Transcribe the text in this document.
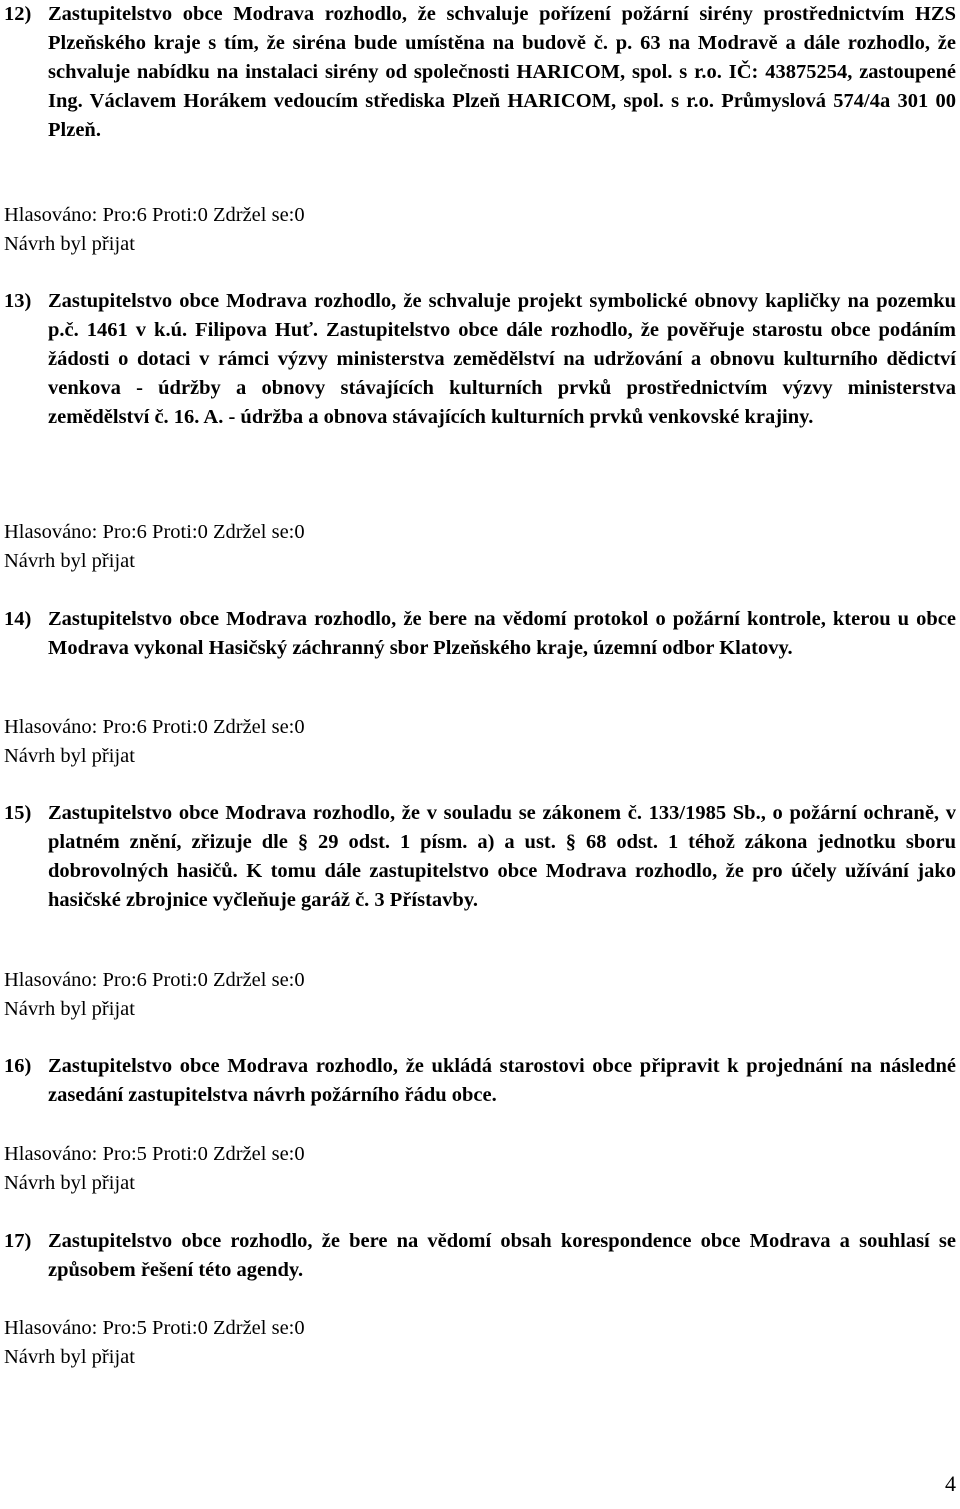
12) Zastupitelstvo obce Modrava rozhodlo, že schvaluje pořízení požární sirény prostřednictvím HZS Plzeňského kraje s tím, že siréna bude umístěna na budově č. p. 63 na Modravě a dále rozhodlo, že schvaluje nabídku na instalaci sirény od společnosti HARICOM, spol. s r.o. IČ: 43875254, zastoupené Ing. Václavem Horákem vedoucím střediska Plzeň HARICOM, spol. s r.o. Průmyslová 574/4a 301 00 Plzeň.

Hlasováno: Pro:6 Proti:0 Zdržel se:0
Návrh byl přijat
13) Zastupitelstvo obce Modrava rozhodlo, že schvaluje projekt symbolické obnovy kapličky na pozemku p.č. 1461 v k.ú. Filipova Huť. Zastupitelstvo obce dále rozhodlo, že pověřuje starostu obce podáním žádosti o dotaci v rámci výzvy ministerstva zemědělství na udržování a obnovu kulturního dědictví venkova - údržby a obnovy stávajících kulturních prvků prostřednictvím výzvy ministerstva zemědělství č. 16. A. - údržba a obnova stávajících kulturních prvků venkovské krajiny.

Hlasováno: Pro:6 Proti:0 Zdržel se:0
Návrh byl přijat
14) Zastupitelstvo obce Modrava rozhodlo, že bere na vědomí protokol o požární kontrole, kterou u obce Modrava vykonal Hasičský záchranný sbor Plzeňského kraje, územní odbor Klatovy.

Hlasováno: Pro:6 Proti:0 Zdržel se:0
Návrh byl přijat
15) Zastupitelstvo obce Modrava rozhodlo, že v souladu se zákonem č. 133/1985 Sb., o požární ochraně, v platném znění, zřizuje dle § 29 odst. 1 písm. a) a ust. § 68 odst. 1 téhož zákona jednotku sboru dobrovolných hasičů. K tomu dále zastupitelstvo obce Modrava rozhodlo, že pro účely užívání jako hasičské zbrojnice vyčleňuje garáž č. 3 Přístavby.

Hlasováno: Pro:6 Proti:0 Zdržel se:0
Návrh byl přijat
16) Zastupitelstvo obce Modrava rozhodlo, že ukládá starostovi obce připravit k projednání na následné zasedání zastupitelstva návrh požárního řádu obce.

Hlasováno: Pro:5 Proti:0 Zdržel se:0
Návrh byl přijat
17) Zastupitelstvo obce rozhodlo, že bere na vědomí obsah korespondence obce Modrava a souhlasí se způsobem řešení této agendy.

Hlasováno: Pro:5 Proti:0 Zdržel se:0
Návrh byl přijat
4
